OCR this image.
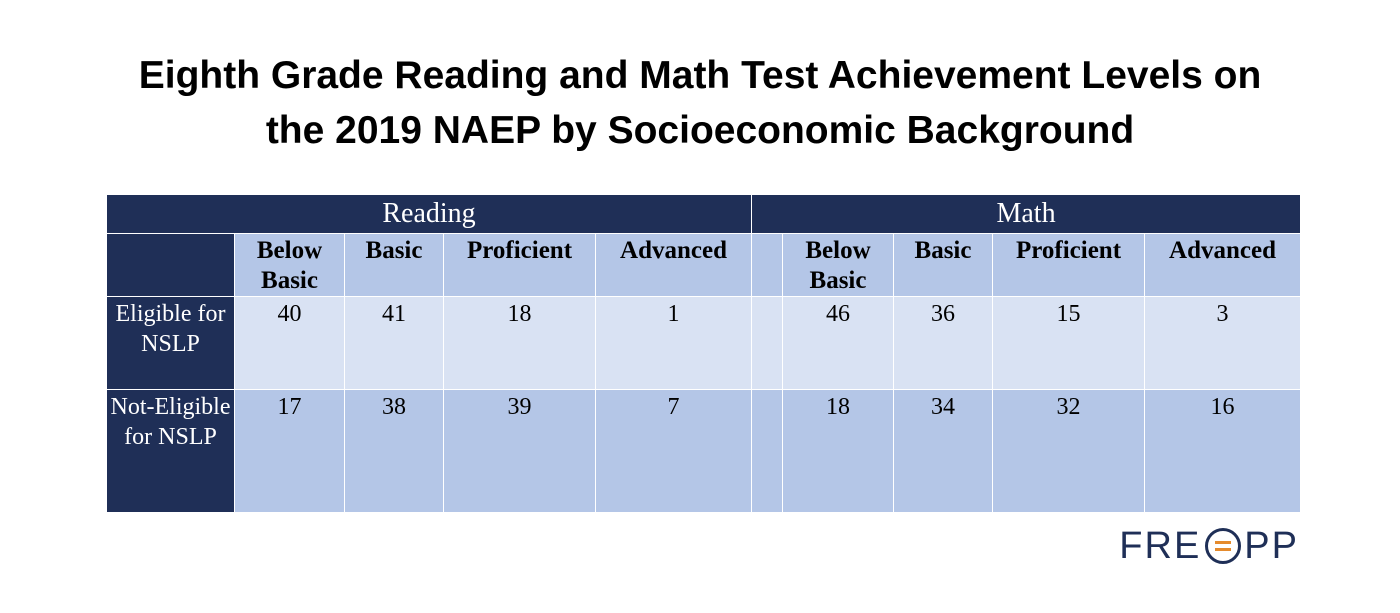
Eighth Grade Reading and Math Test Achievement Levels on
the 2019 NAEP by Socioeconomic Background
Reading					Math				
	Below Basic	Basic	Proficient	Advanced		Below Basic	Basic	Proficient	Advanced
Eligible for NSLP	40	41	18	1		46	36	15	3
Not-Eligible for NSLP	17	38	39	7		18	34	32	16
FRE PP
